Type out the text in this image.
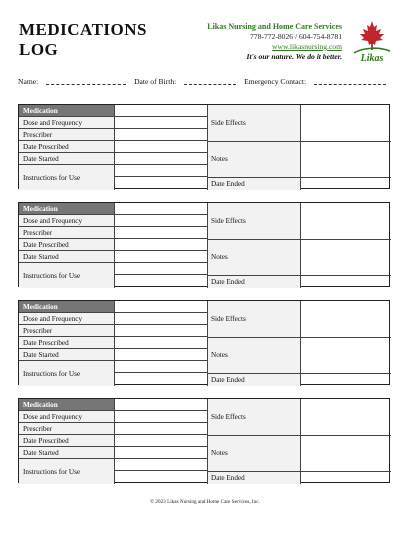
MEDICATIONS
LOG
Likas Nursing and Home Care Services
778-772-8026 / 604-754-8781
www.likasnursing.com
It's our nature. We do it better. Likas
Name:	Date of Birth:	Emergency Contact:
Medication
Dose and Frequency
Prescriber
Date Prescribed
Date Started
Instructions for Use
Side Effects
Notes
Date Ended
Medication
Dose and Frequency
Prescriber
Date Prescribed
Date Started
Instructions for Use
Side Effects
Notes
Date Ended
Medication
Dose and Frequency
Prescriber
Date Prescribed
Date Started
Instructions for Use
Side Effects
Notes
Date Ended
Medication
Dose and Frequency
Prescriber
Date Prescribed
Date Started
Instructions for Use
Side Effects
Notes
Date Ended
© 2023 Likas Nursing and Home Care Services, Inc.
